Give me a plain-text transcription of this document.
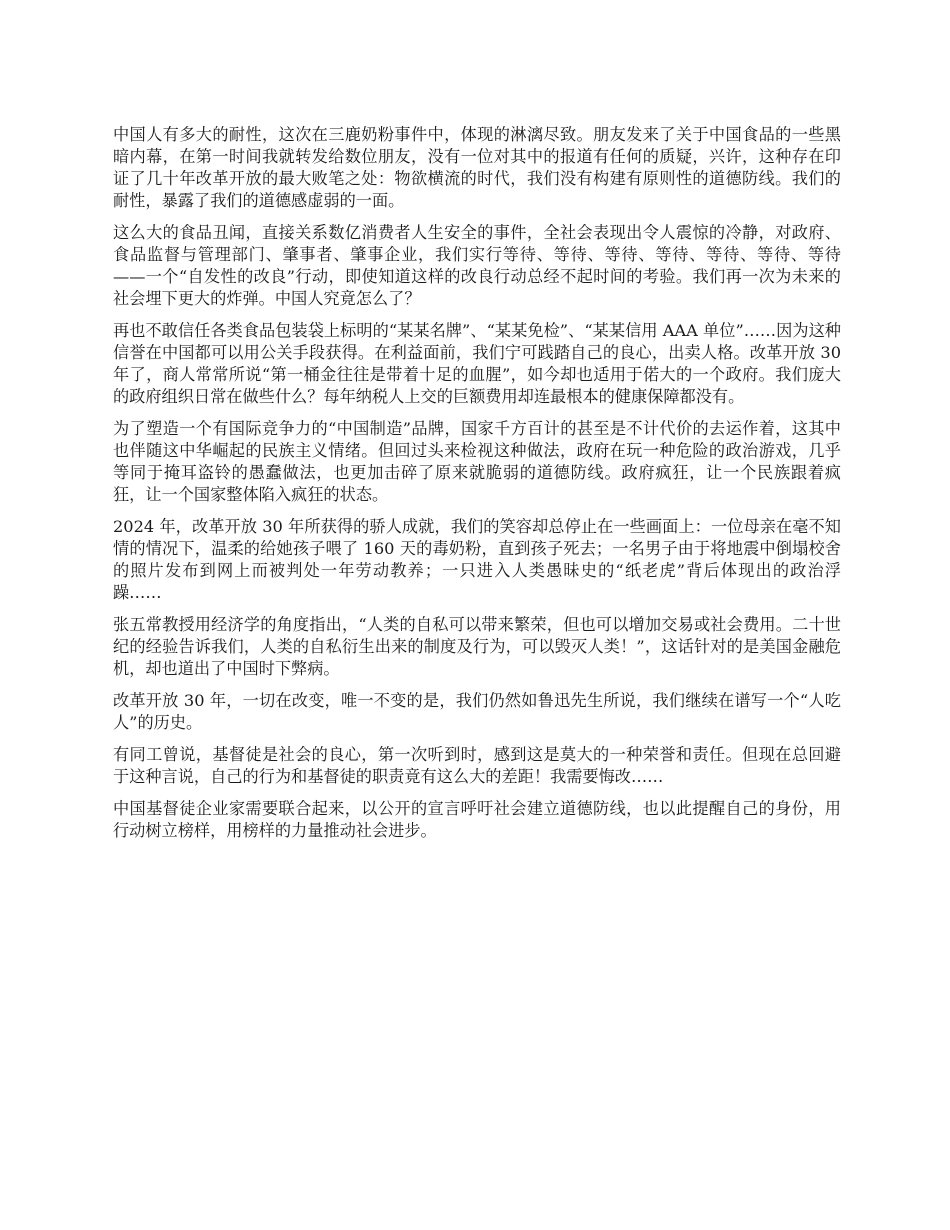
中国人有多大的耐性，这次在三鹿奶粉事件中，体现的淋漓尽致。朋友发来了关于中国食品的一些黑暗内幕，在第一时间我就转发给数位朋友，没有一位对其中的报道有任何的质疑，兴许，这种存在印证了几十年改革开放的最大败笔之处：物欲横流的时代，我们没有构建有原则性的道德防线。我们的耐性，暴露了我们的道德感虚弱的一面。

这么大的食品丑闻，直接关系数亿消费者人生安全的事件，全社会表现出令人震惊的冷静，对政府、食品监督与管理部门、肇事者、肇事企业，我们实行等待、等待、等待、等待、等待、等待、等待——一个“自发性的改良”行动，即使知道这样的改良行动总经不起时间的考验。我们再一次为未来的社会埋下更大的炸弹。中国人究竟怎么了？

再也不敢信任各类食品包装袋上标明的“某某名牌”、“某某免检”、“某某信用 AAA 单位”……因为这种信誉在中国都可以用公关手段获得。在利益面前，我们宁可践踏自己的良心，出卖人格。改革开放 30 年了，商人常常所说“第一桶金往往是带着十足的血腥”，如今却也适用于偌大的一个政府。我们庞大的政府组织日常在做些什么？每年纳税人上交的巨额费用却连最根本的健康保障都没有。

为了塑造一个有国际竞争力的“中国制造”品牌，国家千方百计的甚至是不计代价的去运作着，这其中也伴随这中华崛起的民族主义情绪。但回过头来检视这种做法，政府在玩一种危险的政治游戏，几乎等同于掩耳盗铃的愚蠢做法，也更加击碎了原来就脆弱的道德防线。政府疯狂，让一个民族跟着疯狂，让一个国家整体陷入疯狂的状态。

2024 年，改革开放 30 年所获得的骄人成就，我们的笑容却总停止在一些画面上：一位母亲在毫不知情的情况下，温柔的给她孩子喂了 160 天的毒奶粉，直到孩子死去；一名男子由于将地震中倒塌校舍的照片发布到网上而被判处一年劳动教养；一只进入人类愚昧史的“纸老虎”背后体现出的政治浮躁……

张五常教授用经济学的角度指出，“人类的自私可以带来繁荣，但也可以增加交易或社会费用。二十世纪的经验告诉我们，人类的自私衍生出来的制度及行为，可以毁灭人类！”，这话针对的是美国金融危机，却也道出了中国时下弊病。

改革开放 30 年，一切在改变，唯一不变的是，我们仍然如鲁迅先生所说，我们继续在谱写一个“人吃人”的历史。

有同工曾说，基督徒是社会的良心，第一次听到时，感到这是莫大的一种荣誉和责任。但现在总回避于这种言说，自己的行为和基督徒的职责竟有这么大的差距！我需要悔改……

中国基督徒企业家需要联合起来，以公开的宣言呼吁社会建立道德防线，也以此提醒自己的身份，用行动树立榜样，用榜样的力量推动社会进步。
